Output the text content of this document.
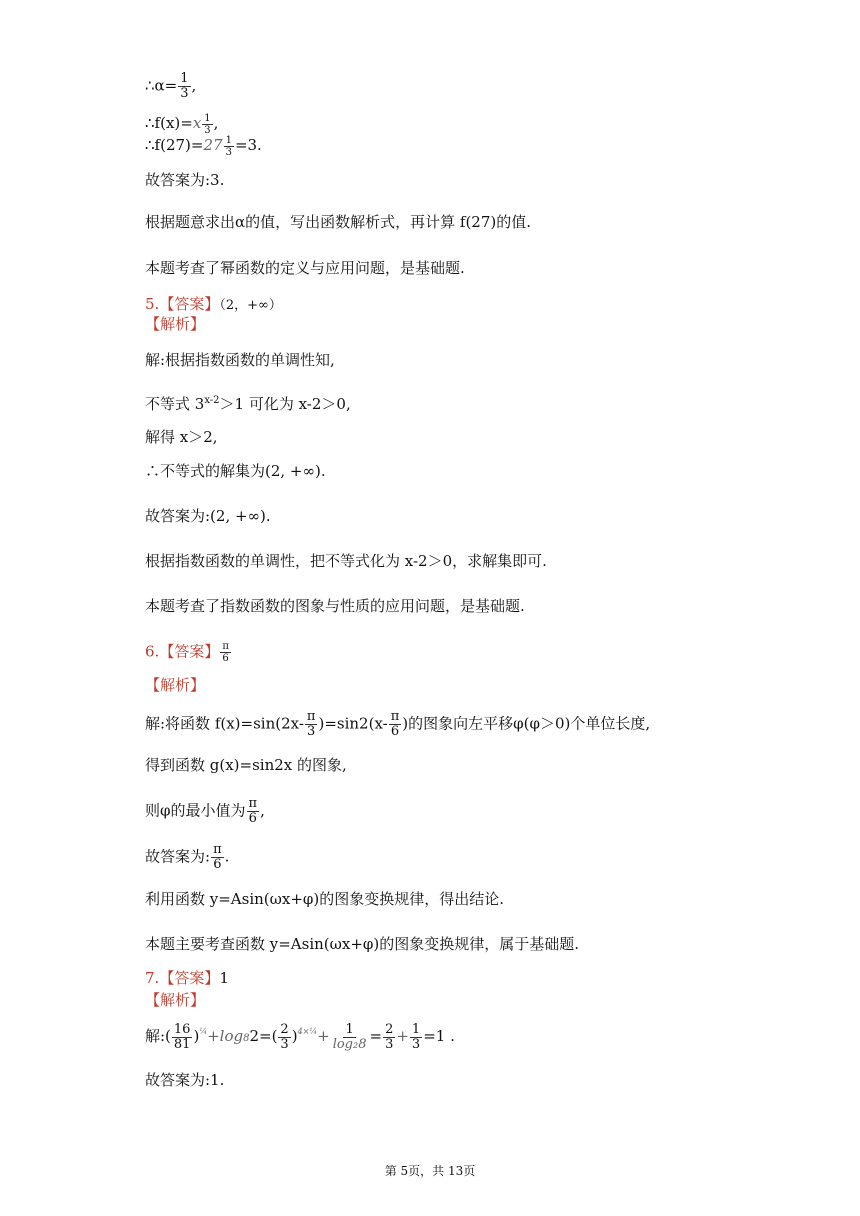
∴α= $\frac{1}{3}$ ,
∴f(x)=x $\frac{1}{3}$ ,
∴f(27)=27 $\frac{1}{3} =3$.
故答案为:3.
根据题意求出α的值，写出函数解析式，再计算 f(27)的值.
本题考查了幂函数的定义与应用问题，是基础题.
5.【答案】（2，+∞）
【解析】
解:根据指数函数的单调性知,
不等式 $3^{x-2}>1$ 可化为 x-2＞0,
解得 x＞2,
∴不等式的解集为(2, +∞).
故答案为:(2, +∞).
根据指数函数的单调性，把不等式化为 x-2＞0，求解集即可.
本题考查了指数函数的图象与性质的应用问题，是基础题.
6.【答案】 $\frac{\pi}{6}$
【解析】
解:将函数 $f(x)=\sin(2x- \frac{\pi}{3} )=\sin 2(x- \frac{\pi}{6}$ )的图象向左平移φ(φ＞0)个单位长度,
得到函数 g(x)=sin2x 的图象,
则φ的最小值为 $\frac{\pi}{6}$ ,
故答案为: $\frac{\pi}{6}$ .
利用函数 y=Asin(ωx+φ)的图象变换规律，得出结论.
本题主要考查函数 y=Asin(ωx+φ)的图象变换规律，属于基础题.
7.【答案】1
【解析】
解:( $\frac{16}{81} )^{\frac{1}{4}}+\log 82=( \frac{2}{3} )^{4\times\frac{1}{4}}+ \frac{1}{\text{log₂8}} = \frac{2}{3} + \frac{1}{3} =1$ .
故答案为:1.
第 5页，共 13页
